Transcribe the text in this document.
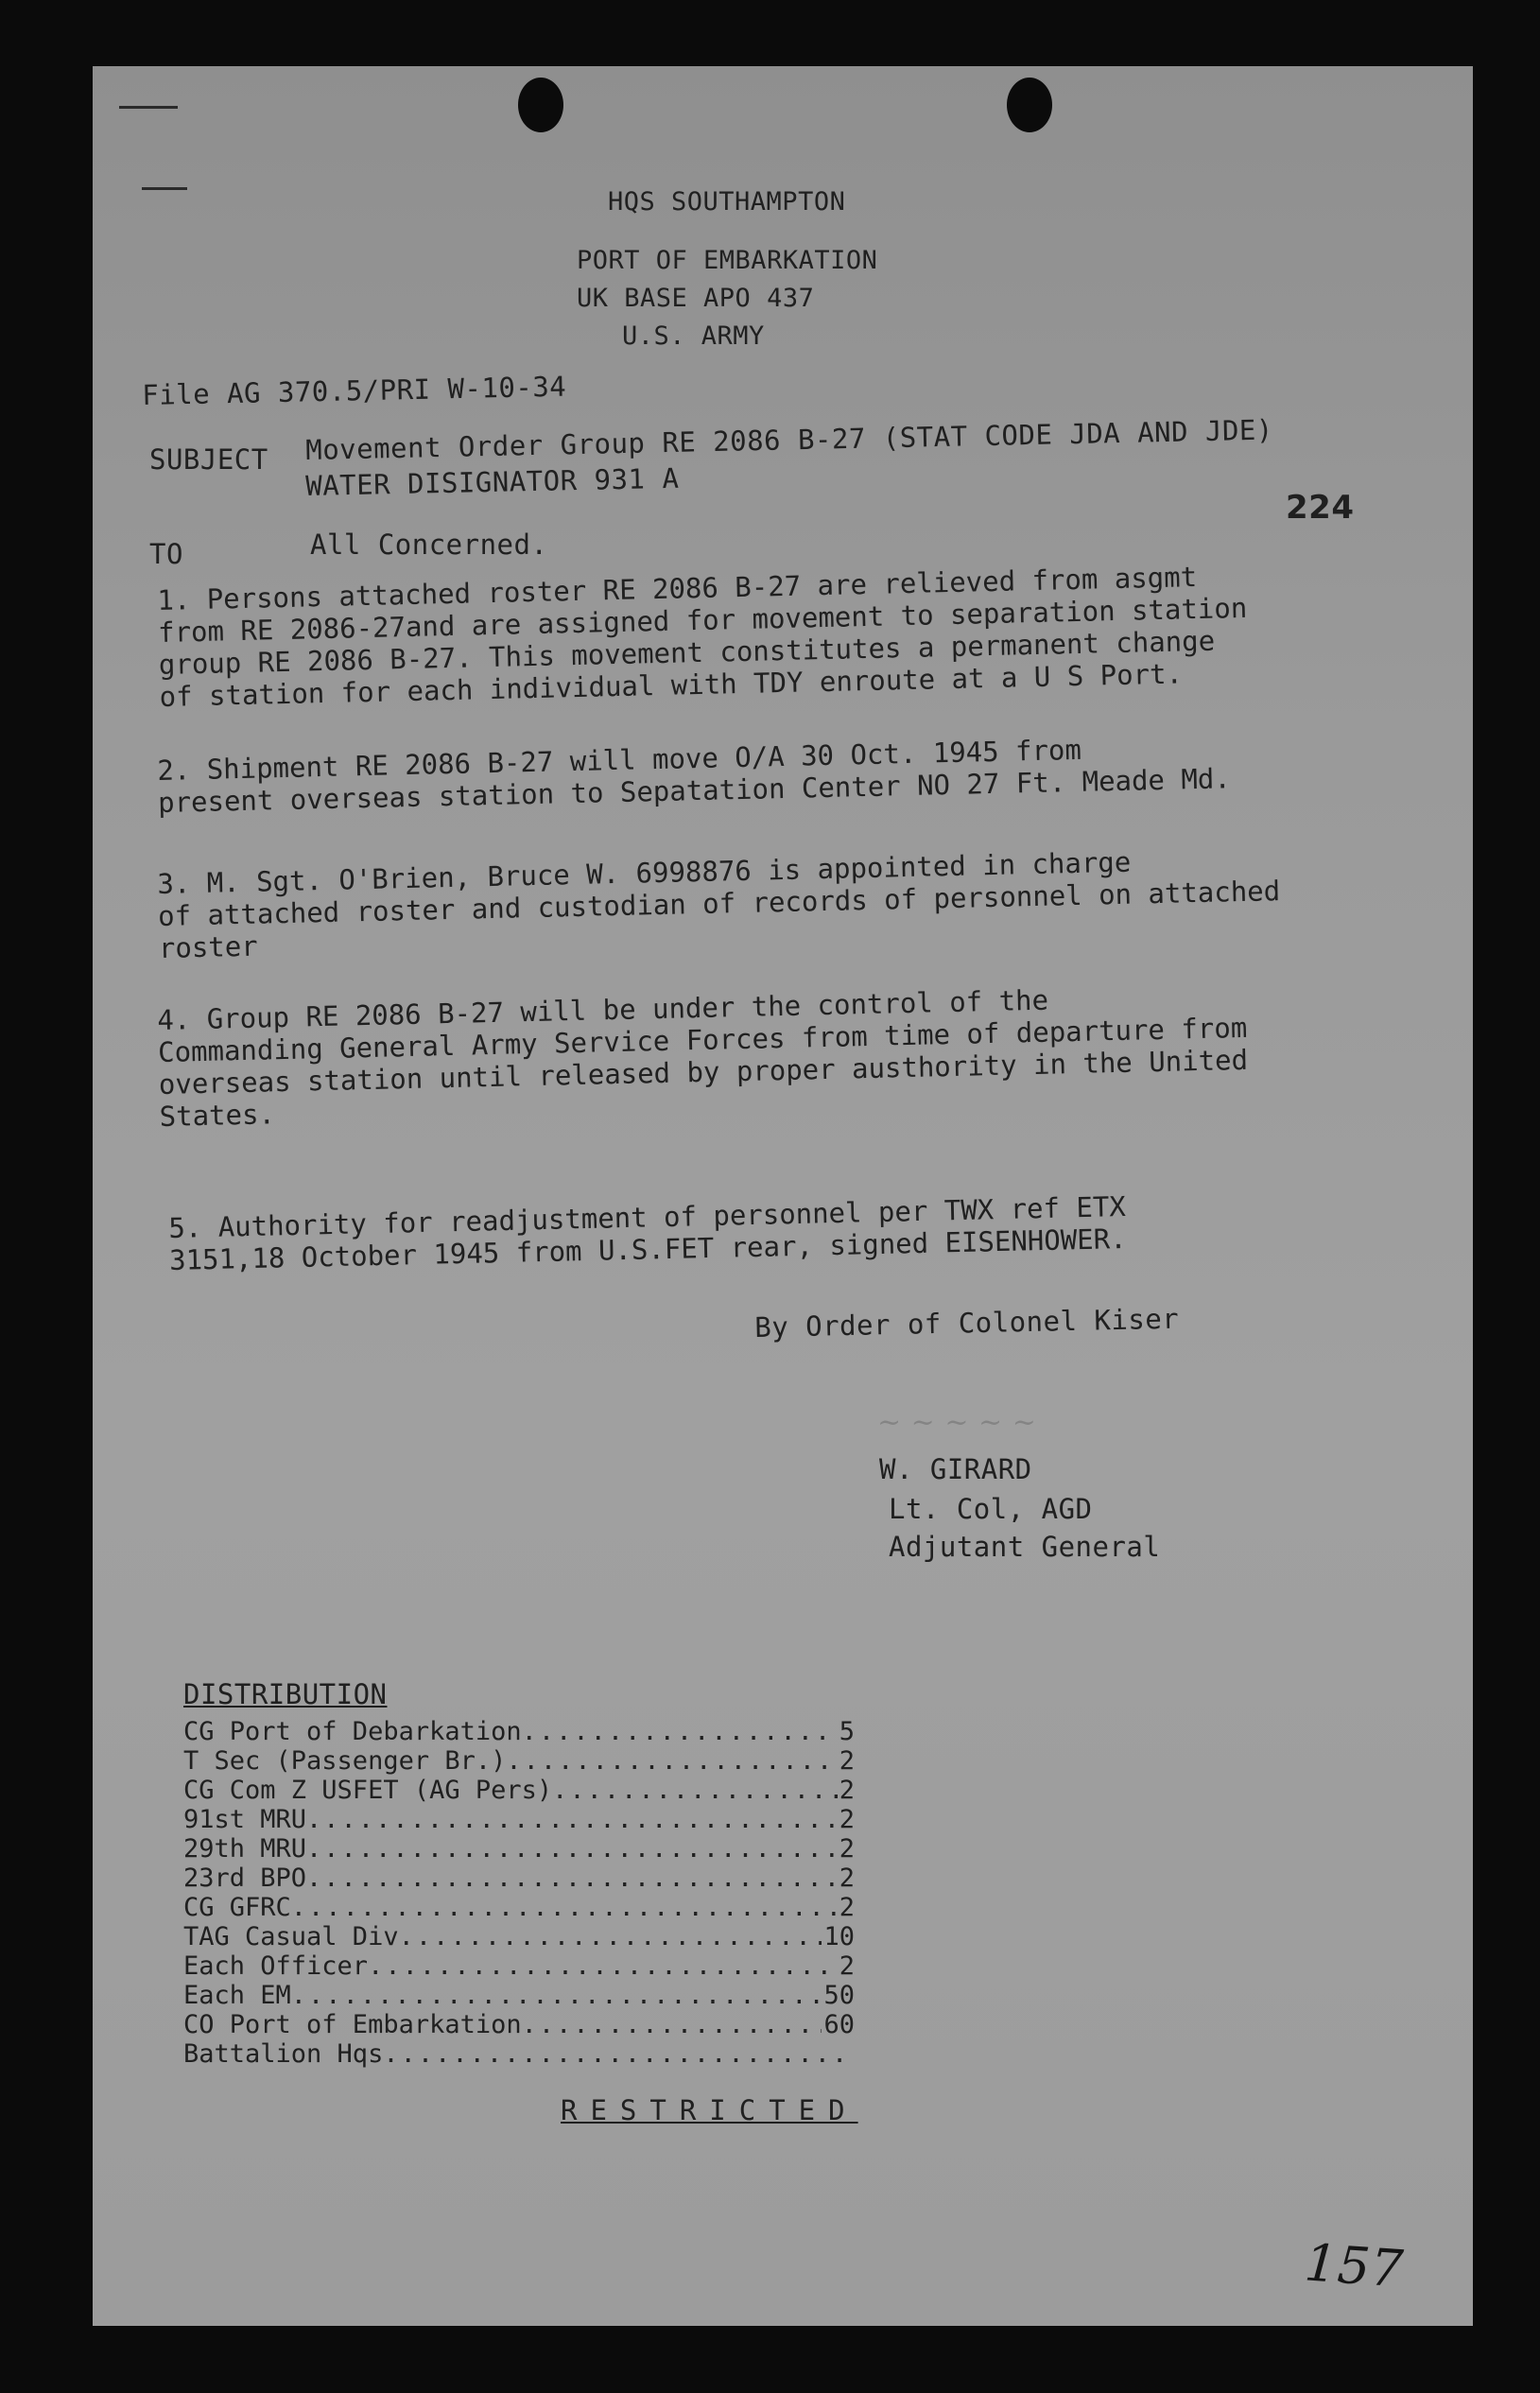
HQS SOUTHAMPTON
PORT OF EMBARKATION
UK BASE APO 437
U.S. ARMY
File AG 370.5/PRI W-10-34
SUBJECT Movement Order Group RE 2086 B-27 (STAT CODE JDA AND JDE)
WATER DISIGNATOR 931 A
224
TO	All Concerned.
1. Persons attached roster RE 2086 B-27 are relieved from asgmt
from RE 2086-27and are assigned for movement to separation station
group RE 2086 B-27. This movement constitutes a permanent change
of station for each individual with TDY enroute at a U S Port.
2. Shipment RE 2086 B-27 will move O/A 30 Oct. 1945 from
present overseas station to Sepatation Center NO 27 Ft. Meade Md.
3. M. Sgt. O'Brien, Bruce W. 6998876 is appointed in charge
of attached roster and custodian of records of personnel on attached
roster
4. Group RE 2086 B-27 will be under the control of the
Commanding General Army Service Forces from time of departure from
overseas station until released by proper austhority in the United
States.
5. Authority for readjustment of personnel per TWX ref ETX
3151,18 October 1945 from U.S.FET rear, signed EISENHOWER.
By Order of Colonel Kiser
~ ~ ~ ~ ~
W. GIRARD
Lt. Col, AGD
Adjutant General
DISTRIBUTION
CG Port of Debarkation .....	5
T Sec (Passenger Br.) .....	2
CG Com Z USFET (AG Pers) .....	2
91st MRU .....	2
29th MRU .....	2
23rd BPO .....	2
CG GFRC .....	2
TAG Casual Div .....	10
Each Officer .....	2
Each EM .....	50
CO Port of Embarkation .....	60
Battalion Hqs
.....
RESTRICTED
157
